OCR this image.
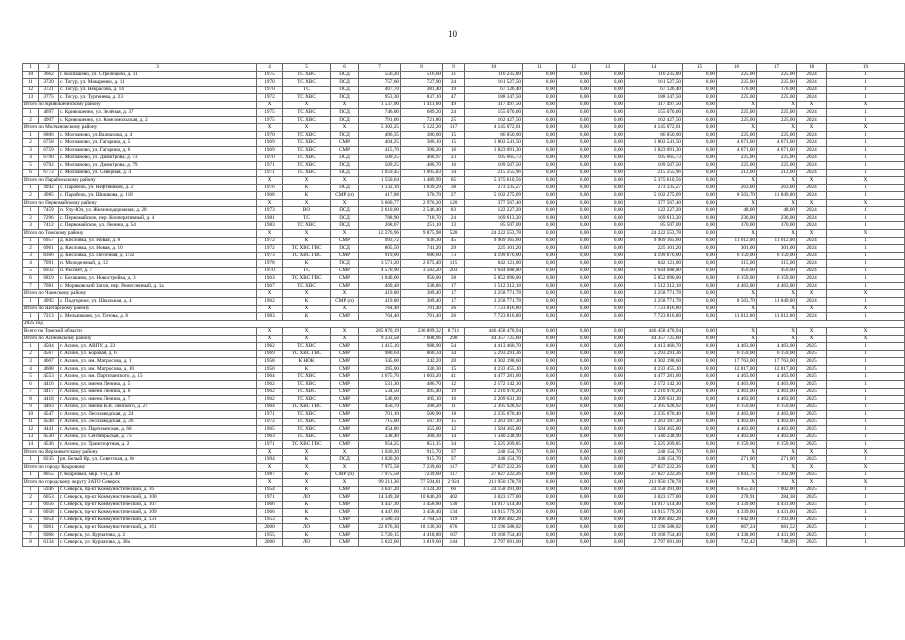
10
1	2	3	4	5	6	7	8	9	10	11	12	13	14	15	16	17	18	19
10	3662	г. Колпашево, ул. Стрелецкой, д. 11	1975	ТС ХВС	ПСД	556,20	516,60	31	116 235,00	0,00	0,00	0,00	116 235,00	0,00	225,00	225,00	2024	1
11	3720	с. Тогур, ул. Макаренко, д. 11	1970	ТС ХВС	ПСД	757,60	727,90	24	161 527,50	0,00	0,00	0,00	161 527,50	0,00	225,00	225,00	2024	1
12	3721	с. Тогур, ул. Некрасова, д. 14	1970	ТС	ПСД	407,70	381,40	19	67 126,40	0,00	0,00	0,00	67 126,40	0,00	176,00	176,00	2024	1
13	3775	с. Тогур, ул. Тургенева, д. 23	1972	ТС ХВС	ПСД	953,30	837,10	47	188 347,50	0,00	0,00	0,00	188 347,50	0,00	225,00	225,00	2024	1
Итого по Кривошеинскому району			X	X	X	1 537,00	1 411,00	49	317 497,50	0,00	0,00	0,00	317 497,50	0,00	X	X	X	X
1	4697	с. Кривошеино, ул. Зелёная, д. 37	1975	ТС ХВС	ПСД	746,00	689,20	24	155 070,00	0,00	0,00	0,00	155 070,00	0,00	225,00	225,00	2024	1
2	4907	с. Кривошеино, ул. Комсомольская, д. 2	1975	ТС ХВС	ПСД	791,00	721,80	25	162 427,50	0,00	0,00	0,00	162 427,50	0,00	225,00	225,00	2024	1
Итого по Молчановскому району			X	X	X	5 302,25	5 122,20	117	4 145 072,01	0,00	0,00	0,00	4 145 072,01	0,00	X	X	X	X
1	6806	с. Молчаново, ул.Валиахова, д. 4	1970	ТС ХВС	ПСД	406,35	386,00	15	86 850,00	0,00	0,00	0,00	86 850,00	0,00	225,00	225,00	2024	1
2	6758	с. Молчаново, ул. Гагарина, д. 5	1969	ТС ХВС	СМР	404,25	386,10	15	1 803 541,50	0,00	0,00	0,00	1 803 541,50	0,00	4 671,00	4 671,00	2024	1
3	6759	с. Молчаново, ул. Гагарина, д. 6	1969	ТС ХВС	СМР	415,70	390,30	16	1 823 091,30	0,00	0,00	0,00	1 823 091,30	0,00	4 671,00	4 671,00	2024	1
4	6790	с. Молчаново, ул. Димитрова, д. 73	1970	ТС ХВС	ПСД	509,25	466,97	23	105 065,73	0,00	0,00	0,00	105 065,73	0,00	225,00	225,00	2024	1
5	6792	с. Молчаново, ул. Димитрова, д. 79	1971	ТС ХВС	ПСД	509,25	486,70	16	109 507,50	0,00	0,00	0,00	109 507,50	0,00	225,00	225,00	2024	1
6	6772	с. Молчаново, ул. Северная, д. 4	1971	ТС ХВС	ПСД	1 059,45	1 005,83	34	215 255,96	0,00	0,00	0,00	215 255,96	0,00	212,00	212,00	2024	1
Итого по Парабельскому району			X	X	X	1 550,04	1 489,99	65	5 375 610,56	0,00	0,00	0,00	5 375 610,56	0,00	X	X	X	X
1	4942	с. Парабель, ул. Нефтяников, д. 2	1976	К	ПСД	1 132,16	1 039,29	38	273 335,27	0,00	0,00	0,00	273 335,27	0,00	263,00	263,00	2024	1
2	4985	с. Парабель, ул. Шишкова, д. 118	1968	К	СМР (п)	417,88	370,70	27	5 102 275,09	0,00	0,00	0,00	5 102 275,09	0,00	8 563,70	11 849,00	2024	1
Итого по Первомайскому району			X	X	X	3 660,77	2 976,20	120	377 567,40	0,00	0,00	0,00	377 567,40	0,00	X	X	X	X
1	7459	п. Улу-Юл, ул. Железнодорожная, д. 28	1973	ВО	ПСД	2 610,00	2 546,40	83	122 227,20	0,00	0,00	0,00	122 227,20	0,00	48,00	48,00	2024	1
2	7296	с. Первомайское, пер. Кооперативный, д. 4	1981	ТС	ПСД	788,90	718,70	24	169 613,20	0,00	0,00	0,00	169 613,20	0,00	236,00	236,00	2024	1
3	7412	с. Первомайское, ул. Ленина, д. 54	1983	ТС ХВС	ПСД	268,07	251,10	13	85 507,00	0,00	0,00	0,00	85 507,00	0,00	370,00	370,00	2024	1
Итого по Томскому району			X	X	X	12 276,96	9 875,98	520	24 222 553,78	0,00	0,00	0,00	24 222 553,78	0,00	X	X	X	X
1	6957	д. Кисловка, ул. Новая, д. 8	1972	К	СМР	993,72	936,30	45	9 969 165,60	0,00	0,00	0,00	9 969 165,60	0,00	11 012,00	11 012,00	2024	1
2	6961	д. Кисловка, ул. Новая, д. 10	1972	ТС ХВС ГВС	ПСД	805,50	741,20	29	225 101,20	0,00	0,00	0,00	225 101,20	0,00	301,00	301,00	2024	1
3	8366	д. Кисловка, ул. Песочная, д. 1/32	1973	ТС ХВС ГВС	СМР	919,00	686,60	73	4 199 076,00	0,00	0,00	0,00	4 199 076,00	0,00	6 159,00	6 159,00	2024	1
4	7091	п. Молодежный, д. 12	1978	К	ПСД	3 571,20	2 675,40	115	842 121,00	0,00	0,00	0,00	842 121,00	0,00	315,00	315,00	2024	1
5	6932	п. Рассвет, д. 7	1970	ТС	СМР	4 570,90	3 583,20	203	1 644 688,80	0,00	0,00	0,00	1 644 688,80	0,00	459,00	459,00	2024	1
6	6819	с. Богашево, ул. Новостройка, д. 3	1963	ТС ХВС ГВС	СМР	1 040,00	950,00	38	5 852 090,00	0,00	0,00	0,00	5 852 090,00	0,00	6 159,00	6 159,00	2024	1
7	7081	с. Моряковский Затон, пер. Ремесленный, д. 1а	1967	ТС ХВС	СМР	469,48	338,86	17	1 512 312,18	0,00	0,00	0,00	1 512 312,18	0,00	4 463,00	4 463,00	2024	1
Итого по Чаинскому району			X	X	X	419,80	389,40	17	3 258 771,78	0,00	0,00	0,00	3 258 771,78	0,00	X	X	X	X
1	4995	с. Подгорное, ул. Школьная, д. 4	1962	К	СМР (п)	419,80	389,40	17	3 258 771,78	0,00	0,00	0,00	3 258 771,78	0,00	8 563,70	11 849,00	2024	1
Итого по Шегарскому району			X	X	X	764,40	701,40	26	7 723 816,80	0,00	0,00	0,00	7 723 816,80	0,00	X	X	X	X
1	7213	с. Мельниково, ул. Титова, д. 8	1983	К	СМР	764,40	701,40	26	7 723 816,80	0,00	0,00	0,00	7 723 816,80	0,00	11 012,00	11 012,00	2024	1
2025 год																		
Всего по Томской области			X	X	X	285 870,19	236 899,32	8 711	446 458 470,94	0,00	0,00	0,00	446 458 470,94	0,00	X	X	X	X
Итого по Асиновскому району			X	X	X	9 333,58	7 608,96	290	44 357 725,60	0,00	0,00	0,00	44 357 725,60	0,00	X	X	X	X
1	4504	г. Асино, ул. АВПУ, д. 23	1962	ТС ХВС	СМР	1 415,10	988,90	54	4 413 460,70	0,00	0,00	0,00	4 413 460,70	0,00	4 463,00	4 463,00	2025	1
2	4567	г. Асино, ул. Боровая, д. 6	1969	ТС ХВС ГВС	СМР	980,64	860,34	34	5 293 291,36	0,00	0,00	0,00	5 293 291,36	0,00	6 159,00	6 159,00	2025	1
3	4607	г. Асино, ул. им. Матросова, д. 1	1958	К НОК	СМР	345,00	242,20	20	4 302 198,60	0,00	0,00	0,00	4 302 198,60	0,00	17 763,00	17 763,00	2025	1
4	4608	г. Асино, ул. им. Матросова, д. 10	1950	К	СМР	395,00	330,30	15	4 233 455,10	0,00	0,00	0,00	4 233 455,10	0,00	12 817,00	12 817,00	2025	1
5	4553	г. Асино, ул. им. Партизанского, д. 15	1964	ТС ХВС	СМР	1 075,70	1 003,20	41	4 477 281,60	0,00	0,00	0,00	4 477 281,60	0,00	4 463,00	4 463,00	2025	1
6	4416	г. Асино, ул. имени Ленина, д. 5	1962	ТС ХВС	СМР	531,30	486,70	12	2 172 142,10	0,00	0,00	0,00	2 172 142,10	0,00	4 463,00	4 463,00	2025	1
7	4417	г. Асино, ул. имени Ленина, д. 6	1962	ТС ХВС	СМР	534,50	495,40	19	2 210 970,20	0,00	0,00	0,00	2 210 970,20	0,00	4 463,00	4 463,00	2025	1
8	4418	г. Асино, ул. имени Ленина, д. 7	1962	ТС ХВС	СМР	546,00	495,10	16	2 209 631,30	0,00	0,00	0,00	2 209 631,30	0,00	4 463,00	4 463,00	2025	1
9	4403	г. Асино, ул. имени В.В. Ленского, д. 27	1964	ТС ХВС ГВС	СМР	456,70	390,20	11	2 395 928,92	0,00	0,00	0,00	2 395 928,92	0,00	6 159,00	6 159,00	2025	1
10	4547	г. Асино, ул. Лесозаводская, д. 24	1971	ТС ХВС	СМР	701,10	500,90	18	2 235 070,40	0,00	0,00	0,00	2 235 070,40	0,00	4 463,00	4 463,00	2025	1
11	4548	г. Асино, ул. Лесозаводская, д. 26	1972	ТС ХВС	СМР	715,00	507,10	15	2 263 187,30	0,00	0,00	0,00	2 263 187,30	0,00	4 463,00	4 463,00	2025	1
12	4441	г. Асино, ул. Партизанская, д. 68	1965	ТС ХВС	СМР	454,80	355,00	12	1 584 365,00	0,00	0,00	0,00	1 584 365,00	0,00	4 463,00	4 463,00	2025	1
13	4530	г. Асино, ул. Сентябрьская, д. 73	1963	ТС ХВС	СМР	338,40	300,30	14	1 340 238,90	0,00	0,00	0,00	1 340 238,90	0,00	4 463,00	4 463,00	2025	1
14	4536	г. Асино, ул. Транспортная, д. 2	1971	ТС ХВС ГВС	СМР	954,25	851,15	34	5 225 209,85	0,00	0,00	0,00	5 225 209,85	0,00	6 159,00	6 159,00	2025	1
Итого по Верхнекетскому району			X	X	X	1 020,20	915,70	37	248 154,70	0,00	0,00	0,00	248 154,70	0,00	X	X	X	X
1	8235	рп. Белый Яр, ул. Советская, д. 8г	1994	К	ПСД	1 020,20	915,70	37	248 154,70	0,00	0,00	0,00	248 154,70	0,00	271,00	271,00	2025	1
Итого по городу Кедровому			X	X	X	7 975,58	7 239,60	117	27 827 222,26	0,00	0,00	0,00	27 827 222,26	0,00	X	X	X	X
1	8055	г. Кедровый, мкр. 1-й, д. 40	1987	К	СМР (п)	7 975,58	7239,60	117	27 827 222,26	0,00	0,00	0,00	27 827 222,26	0,00	3 843,75	7 302,00	2025	1
Итого по городскому округу ЗАТО Северск			X	X	X	99 211,36	77 594,81	2 924	211 950 178,78	0,00	0,00	0,00	211 950 178,78	0,00	X	X	X	X
1	5946	г. Северск, пр-кт Коммунистический, д. 16	1954	К	СМР	3 647,20	3 124,30	66	24 158 391,00	0,00	0,00	0,00	24 158 391,00	0,00	6 855,03	7 002,00	2025	1
2	6053	г. Северск, пр-кт Коммунистический, д. 100	1971	ЛО	СМР	14 349,38	10 846,20	402	3 023 177,00	0,00	0,00	0,00	3 023 177,00	0,00	278,91	284,38	2025	1
3	6056	г. Северск, пр-кт Коммунистический, д. 107	1966	К	СМР	4 447,30	3 458,80	130	14 917 514,40	0,00	0,00	0,00	14 917 514,40	0,00	4 339,00	4 431,00	2025	1
4	6058	г. Северск, пр-кт Коммунистический, д. 109	1966	К	СМР	4 447,60	3 458,40	134	14 915 779,20	0,00	0,00	0,00	14 915 779,20	0,00	4 339,00	4 431,00	2025	1
5	6054	г. Северск, пр-кт Коммунистический, д. 131	1953	К	СМР	3 580,34	2 764,54	119	19 466 482,28	0,00	0,00	0,00	19 466 482,28	0,00	7 042,00	7 193,00	2025	1
6	6061	г. Северск, пр-кт Коммунистический, д. 161	2000	ЛО	СМР	22 076,30	18 130,30	676	12 190 588,02	0,00	0,00	0,00	12 190 588,02	0,00	667,24	681,52	2025	1
7	6068	г. Северск, ул. Курчатова, д. 2	1955	К	СМР	5 720,15	4 418,80	167	19 168 754,40	0,00	0,00	0,00	19 168 754,40	0,00	4 338,00	4 431,00	2025	1
8	6134	г. Северск, ул. Курчатова, д. 38а	2000	ЛО	СМР	5 022,60	3 819,60	144	2 797 691,00	0,00	0,00	0,00	2 797 691,00	0,00	732,42	748,09	2025	1
